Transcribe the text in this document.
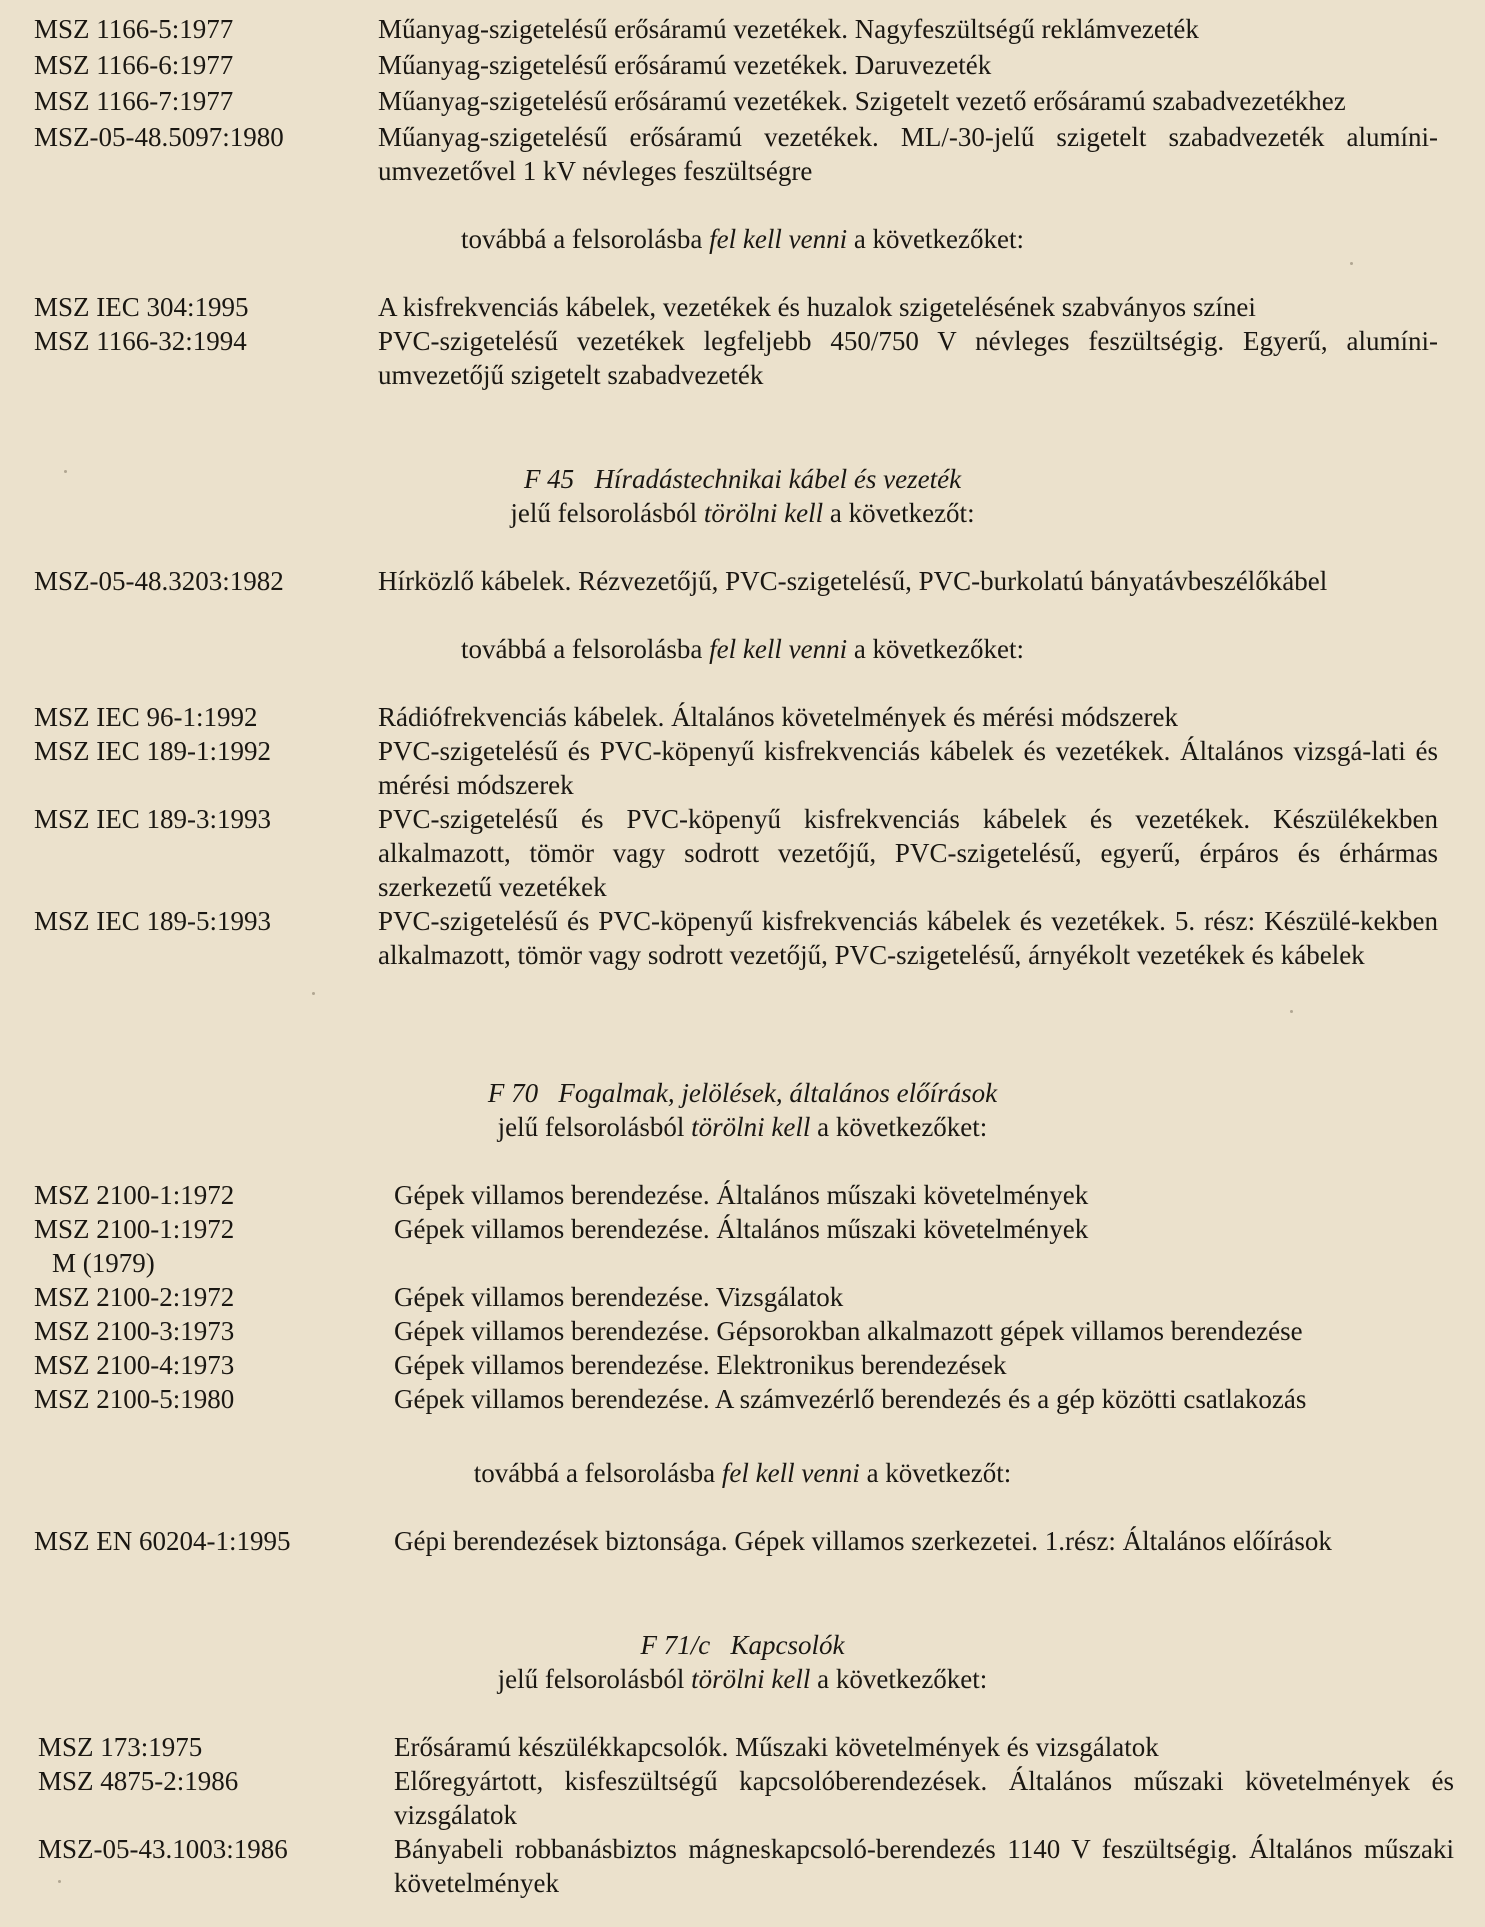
MSZ 1166-5:1977	Műanyag-szigetelésű erősáramú vezetékek. Nagyfeszültségű reklámvezeték
MSZ 1166-6:1977	Műanyag-szigetelésű erősáramú vezetékek. Daruvezeték
MSZ 1166-7:1977	Műanyag-szigetelésű erősáramú vezetékek. Szigetelt vezető erősáramú szabadvezetékhez
MSZ-05-48.5097:1980	Műanyag-szigetelésű erősáramú vezetékek. ML/-30-jelű szigetelt szabadvezeték alumíni-umvezetővel 1 kV névleges feszültségre
továbbá a felsorolásba fel kell venni a következőket:
MSZ IEC 304:1995	A kisfrekvenciás kábelek, vezetékek és huzalok szigetelésének szabványos színei
MSZ 1166-32:1994	PVC-szigetelésű vezetékek legfeljebb 450/750 V névleges feszültségig. Egyerű, alumíni-umvezetőjű szigetelt szabadvezeték
F 45 Híradástechnikai kábel és vezeték
jelű felsorolásból törölni kell a következőt:
MSZ-05-48.3203:1982	Hírközlő kábelek. Rézvezetőjű, PVC-szigetelésű, PVC-burkolatú bányatávbeszélőkábel
továbbá a felsorolásba fel kell venni a következőket:
MSZ IEC 96-1:1992	Rádiófrekvenciás kábelek. Általános követelmények és mérési módszerek
MSZ IEC 189-1:1992	PVC-szigetelésű és PVC-köpenyű kisfrekvenciás kábelek és vezetékek. Általános vizsgá-lati és mérési módszerek
MSZ IEC 189-3:1993	PVC-szigetelésű és PVC-köpenyű kisfrekvenciás kábelek és vezetékek. Készülékekben alkalmazott, tömör vagy sodrott vezetőjű, PVC-szigetelésű, egyerű, érpáros és érhármas szerkezetű vezetékek
MSZ IEC 189-5:1993	PVC-szigetelésű és PVC-köpenyű kisfrekvenciás kábelek és vezetékek. 5. rész: Készülé-kekben alkalmazott, tömör vagy sodrott vezetőjű, PVC-szigetelésű, árnyékolt vezetékek és kábelek
F 70 Fogalmak, jelölések, általános előírások
jelű felsorolásból törölni kell a következőket:
MSZ 2100-1:1972	Gépek villamos berendezése. Általános műszaki követelmények
MSZ 2100-1:1972	Gépek villamos berendezése. Általános műszaki követelmények
M (1979)
MSZ 2100-2:1972	Gépek villamos berendezése. Vizsgálatok
MSZ 2100-3:1973	Gépek villamos berendezése. Gépsorokban alkalmazott gépek villamos berendezése
MSZ 2100-4:1973	Gépek villamos berendezése. Elektronikus berendezések
MSZ 2100-5:1980	Gépek villamos berendezése. A számvezérlő berendezés és a gép közötti csatlakozás
továbbá a felsorolásba fel kell venni a következőt:
MSZ EN 60204-1:1995	Gépi berendezések biztonsága. Gépek villamos szerkezetei. 1.rész: Általános előírások
F 71/c Kapcsolók
jelű felsorolásból törölni kell a következőket:
MSZ 173:1975	Erősáramú készülékkapcsolók. Műszaki követelmények és vizsgálatok
MSZ 4875-2:1986	Előregyártott, kisfeszültségű kapcsolóberendezések. Általános műszaki követelmények és vizsgálatok
MSZ-05-43.1003:1986	Bányabeli robbanásbiztos mágneskapcsoló-berendezés 1140 V feszültségig. Általános műszaki követelmények
